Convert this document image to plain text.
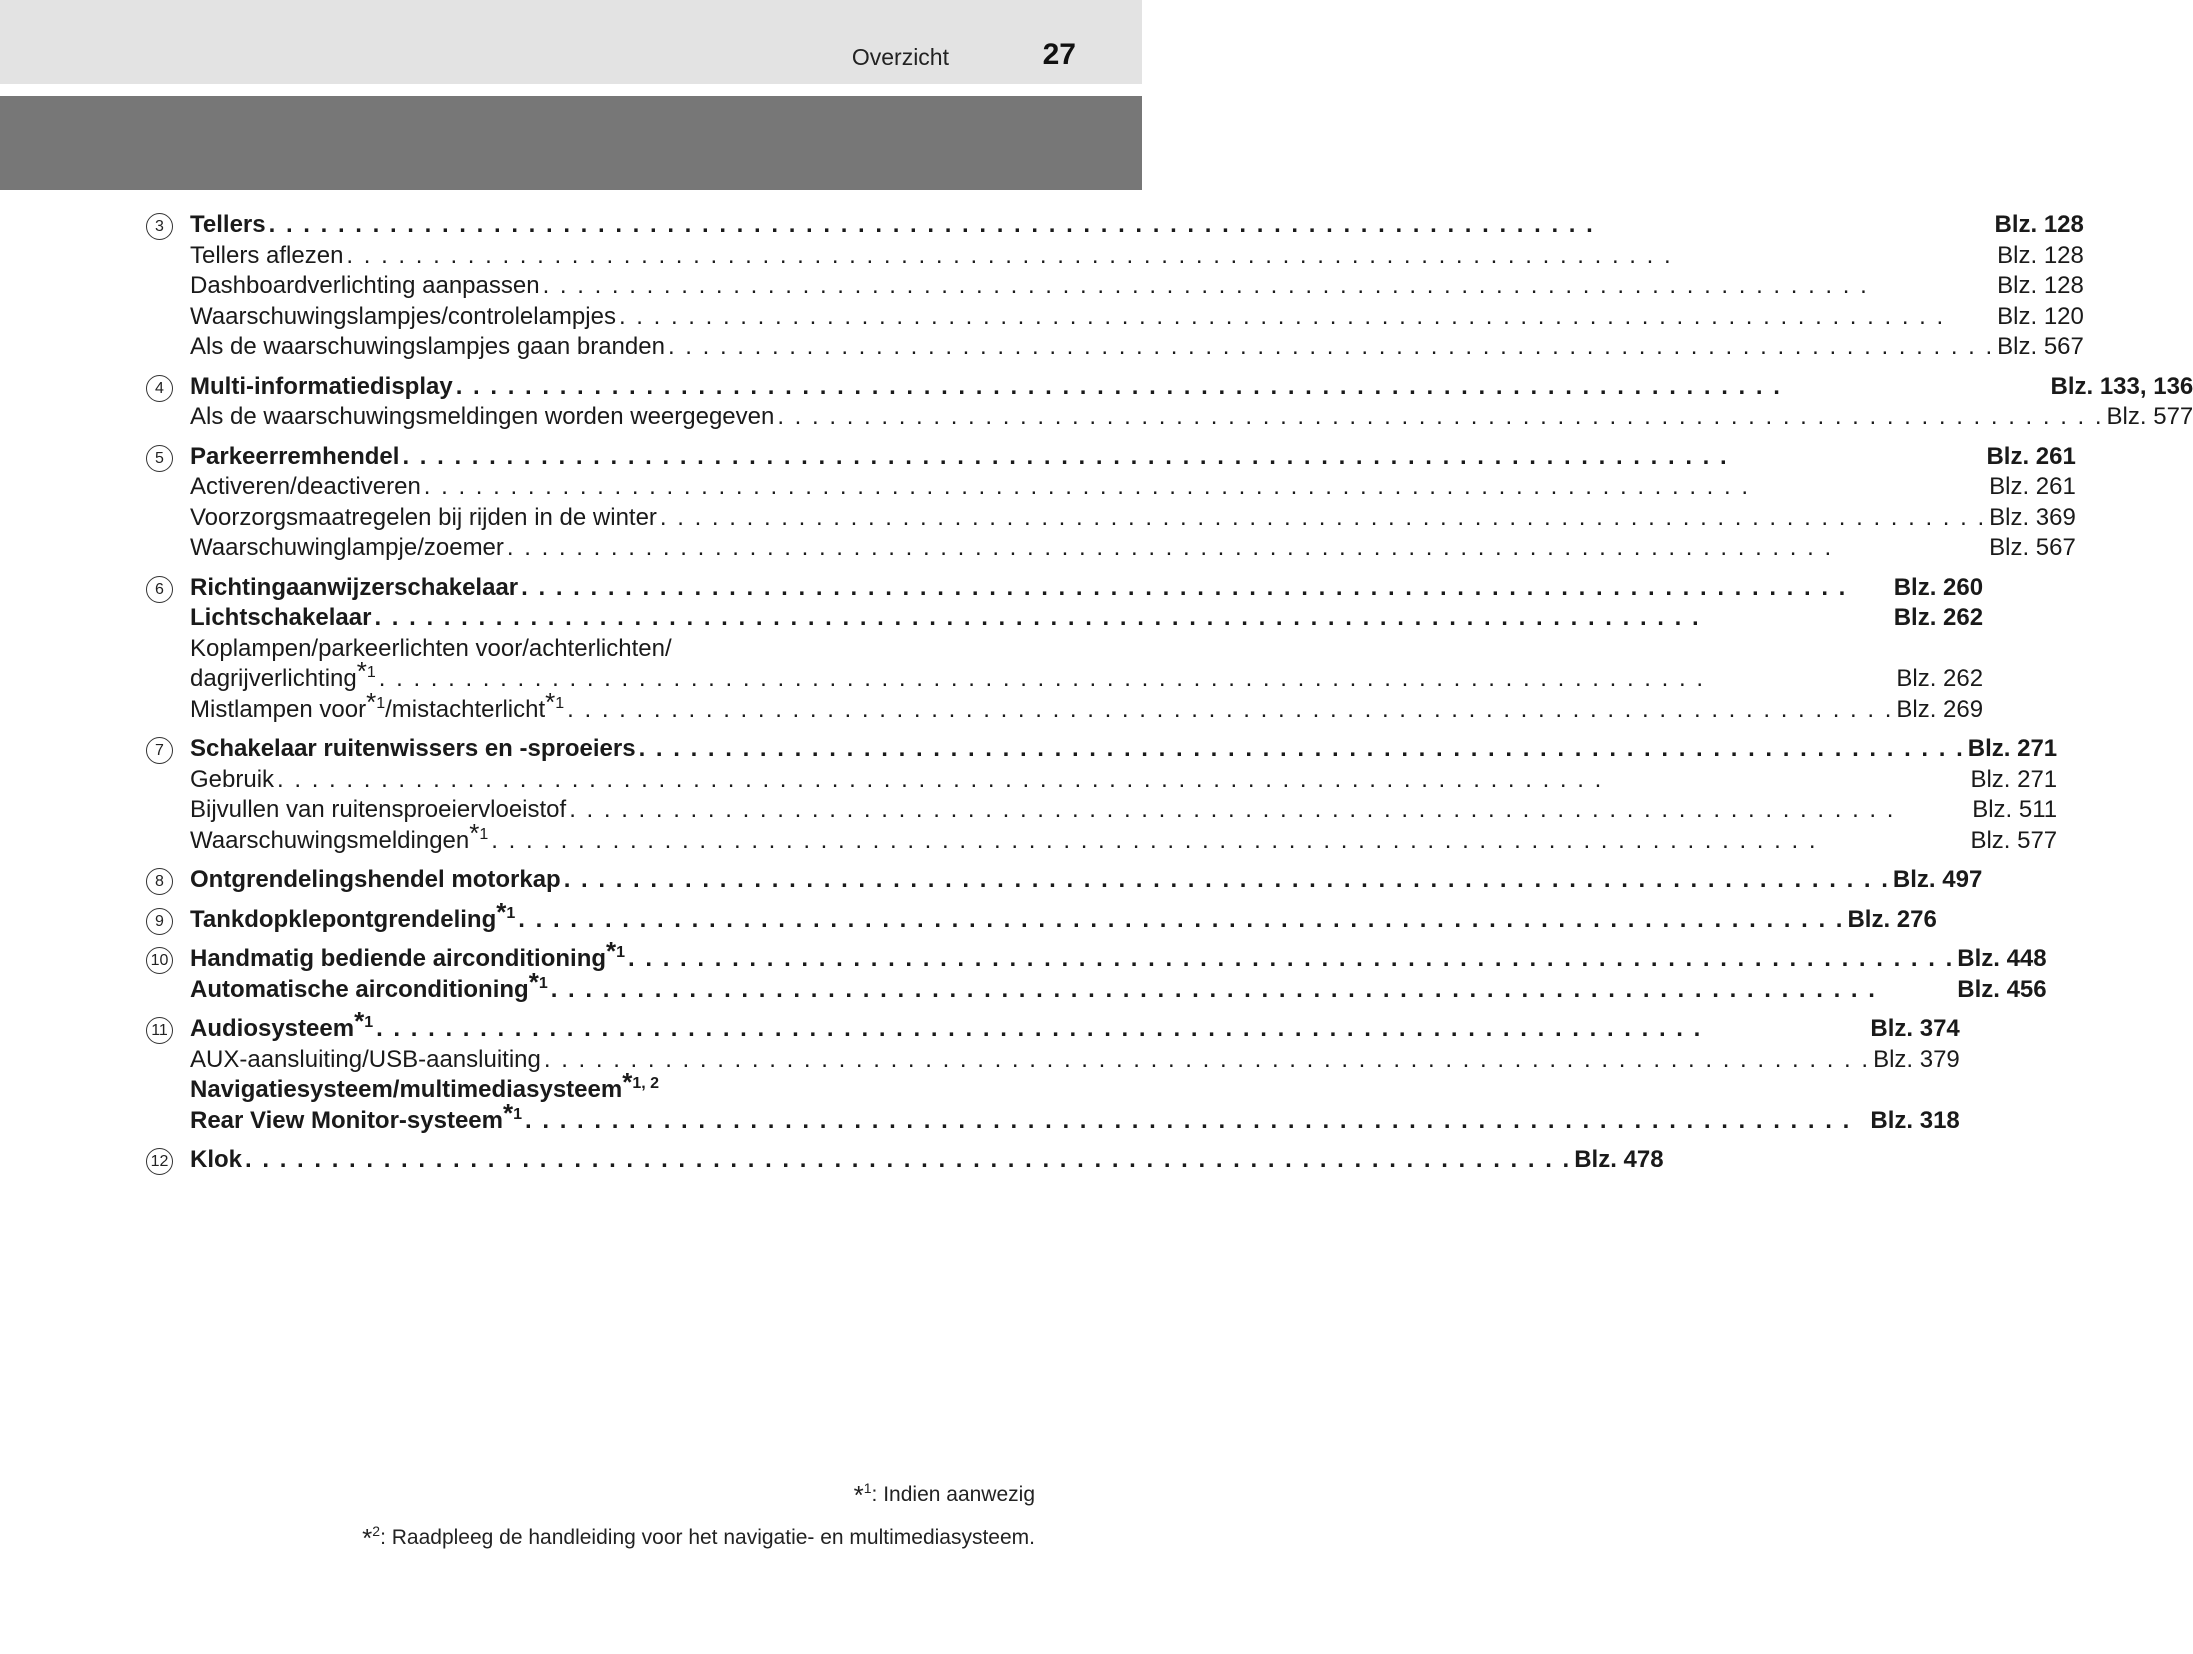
Overzicht	27
3	Tellers . . .	Blz. 128
Tellers aflezen . . .	Blz. 128
Dashboardverlichting aanpassen . . .	Blz. 128
Waarschuwingslampjes/controlelampjes . . .	Blz. 120
Als de waarschuwingslampjes gaan branden . . .	Blz. 567
4	Multi-informatiedisplay . . .	Blz. 133, 136
Als de waarschuwingsmeldingen worden weergegeven . . .	Blz. 577
5	Parkeerremhendel . . .	Blz. 261
Activeren/deactiveren . . .	Blz. 261
Voorzorgsmaatregelen bij rijden in de winter . . .	Blz. 369
Waarschuwinglampje/zoemer . . .	Blz. 567
6	Richtingaanwijzerschakelaar . . .	Blz. 260
Lichtschakelaar . . .	Blz. 262
Koplampen/parkeerlichten voor/achterlichten/
dagrijverlichting$^{*1}$ . . .	Blz. 262
Mistlampen voor$^{*1}$/mistachterlicht$^{*1}$ . . .	Blz. 269
7	Schakelaar ruitenwissers en -sproeiers . . .	Blz. 271
Gebruik . . .	Blz. 271
Bijvullen van ruitensproeiervloeistof . . .	Blz. 511
Waarschuwingsmeldingen$^{*1}$ . . .	Blz. 577
8	Ontgrendelingshendel motorkap . . .	Blz. 497
9	Tankdopklepontgrendeling$^{*1}$ . . .	Blz. 276
10 Handmatig bediende airconditioning$^{*1}$ . . .	Blz. 448
Automatische airconditioning$^{*1}$ . . .	Blz. 456
11 Audiosysteem$^{*1}$ . . .	Blz. 374
AUX-aansluiting/USB-aansluiting . . .	Blz. 379
Navigatiesysteem/multimediasysteem$^{*1, 2}$
Rear View Monitor-systeem$^{*1}$ . . .	Blz. 318
12 Klok . . .	Blz. 478
*$^1$: Indien aanwezig
*$^2$: Raadpleeg de handleiding voor het navigatie- en multimediasysteem.
